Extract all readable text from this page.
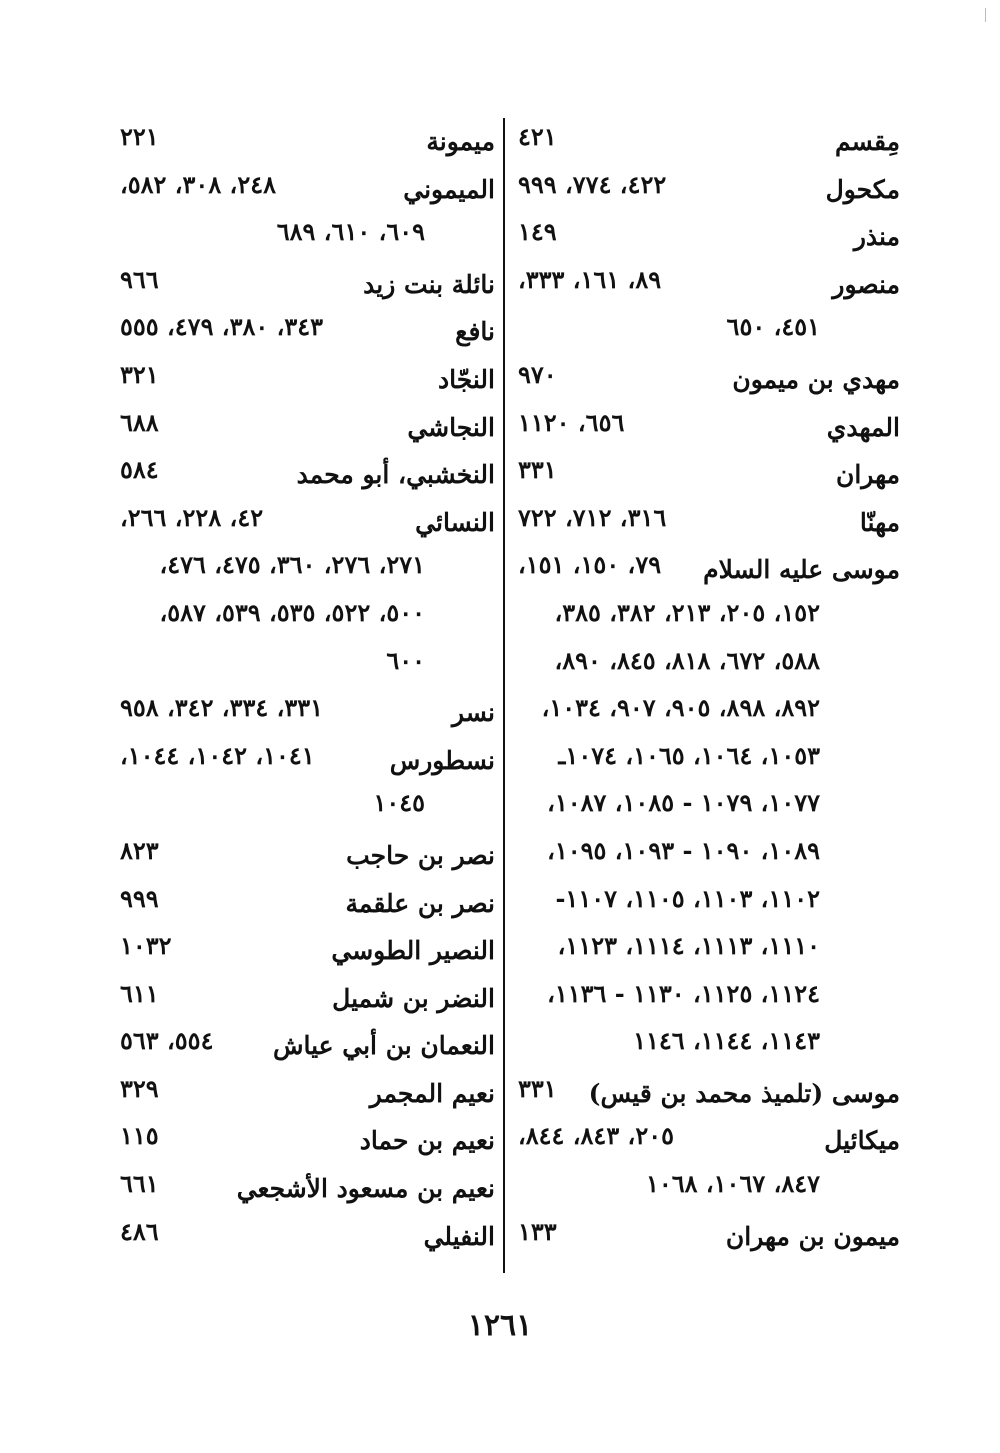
مِقسم
٤٢١
مكحول
٤٢٢، ٧٧٤، ٩٩٩
منذر
١٤٩
منصور
٨٩، ١٦١، ٣٣٣،
٤٥١، ٦٥٠
مهدي بن ميمون
٩٧٠
المهدي
٦٥٦، ١١٢٠
مهران
٣٣١
مهنّا
٣١٦، ٧١٢، ٧٢٢
موسى عليه السلام
٧٩، ١٥٠، ١٥١،
١٥٢، ٢٠٥، ٢١٣، ٣٨٢، ٣٨٥،
٥٨٨، ٦٧٢، ٨١٨، ٨٤٥، ٨٩٠،
٨٩٢، ٨٩٨، ٩٠٥، ٩٠٧، ١٠٣٤،
١٠٥٣، ١٠٦٤، ١٠٦٥، ١٠٧٤ـ
١٠٧٧، ١٠٧٩ - ١٠٨٥، ١٠٨٧،
١٠٨٩، ١٠٩٠ - ١٠٩٣، ١٠٩٥،
١١٠٢، ١١٠٣، ١١٠٥، ١١٠٧-
١١١٠، ١١١٣، ١١١٤، ١١٢٣،
١١٢٤، ١١٢٥، ١١٣٠ - ١١٣٦،
١١٤٣، ١١٤٤، ١١٤٦
موسى (تلميذ محمد بن قيس)
٣٣١
ميكائيل
٢٠٥، ٨٤٣، ٨٤٤،
٨٤٧، ١٠٦٧، ١٠٦٨
ميمون بن مهران
١٣٣
ميمونة
٢٢١
الميموني
٢٤٨، ٣٠٨، ٥٨٢،
٦٠٩، ٦١٠، ٦٨٩
نائلة بنت زيد
٩٦٦
نافع
٣٤٣، ٣٨٠، ٤٧٩، ٥٥٥
النجّاد
٣٢١
النجاشي
٦٨٨
النخشبي، أبو محمد
٥٨٤
النسائي
٤٢، ٢٢٨، ٢٦٦،
٢٧١، ٢٧٦، ٣٦٠، ٤٧٥، ٤٧٦،
٥٠٠، ٥٢٢، ٥٣٥، ٥٣٩، ٥٨٧،
٦٠٠
نسر
٣٣١، ٣٣٤، ٣٤٢، ٩٥٨
نسطورس
١٠٤١، ١٠٤٢، ١٠٤٤،
١٠٤٥
نصر بن حاجب
٨٢٣
نصر بن علقمة
٩٩٩
النصير الطوسي
١٠٣٢
النضر بن شميل
٦١١
النعمان بن أبي عياش
٥٥٤، ٥٦٣
نعيم المجمر
٣٢٩
نعيم بن حماد
١١٥
نعيم بن مسعود الأشجعي
٦٦١
النفيلي
٤٨٦
١٢٦١
